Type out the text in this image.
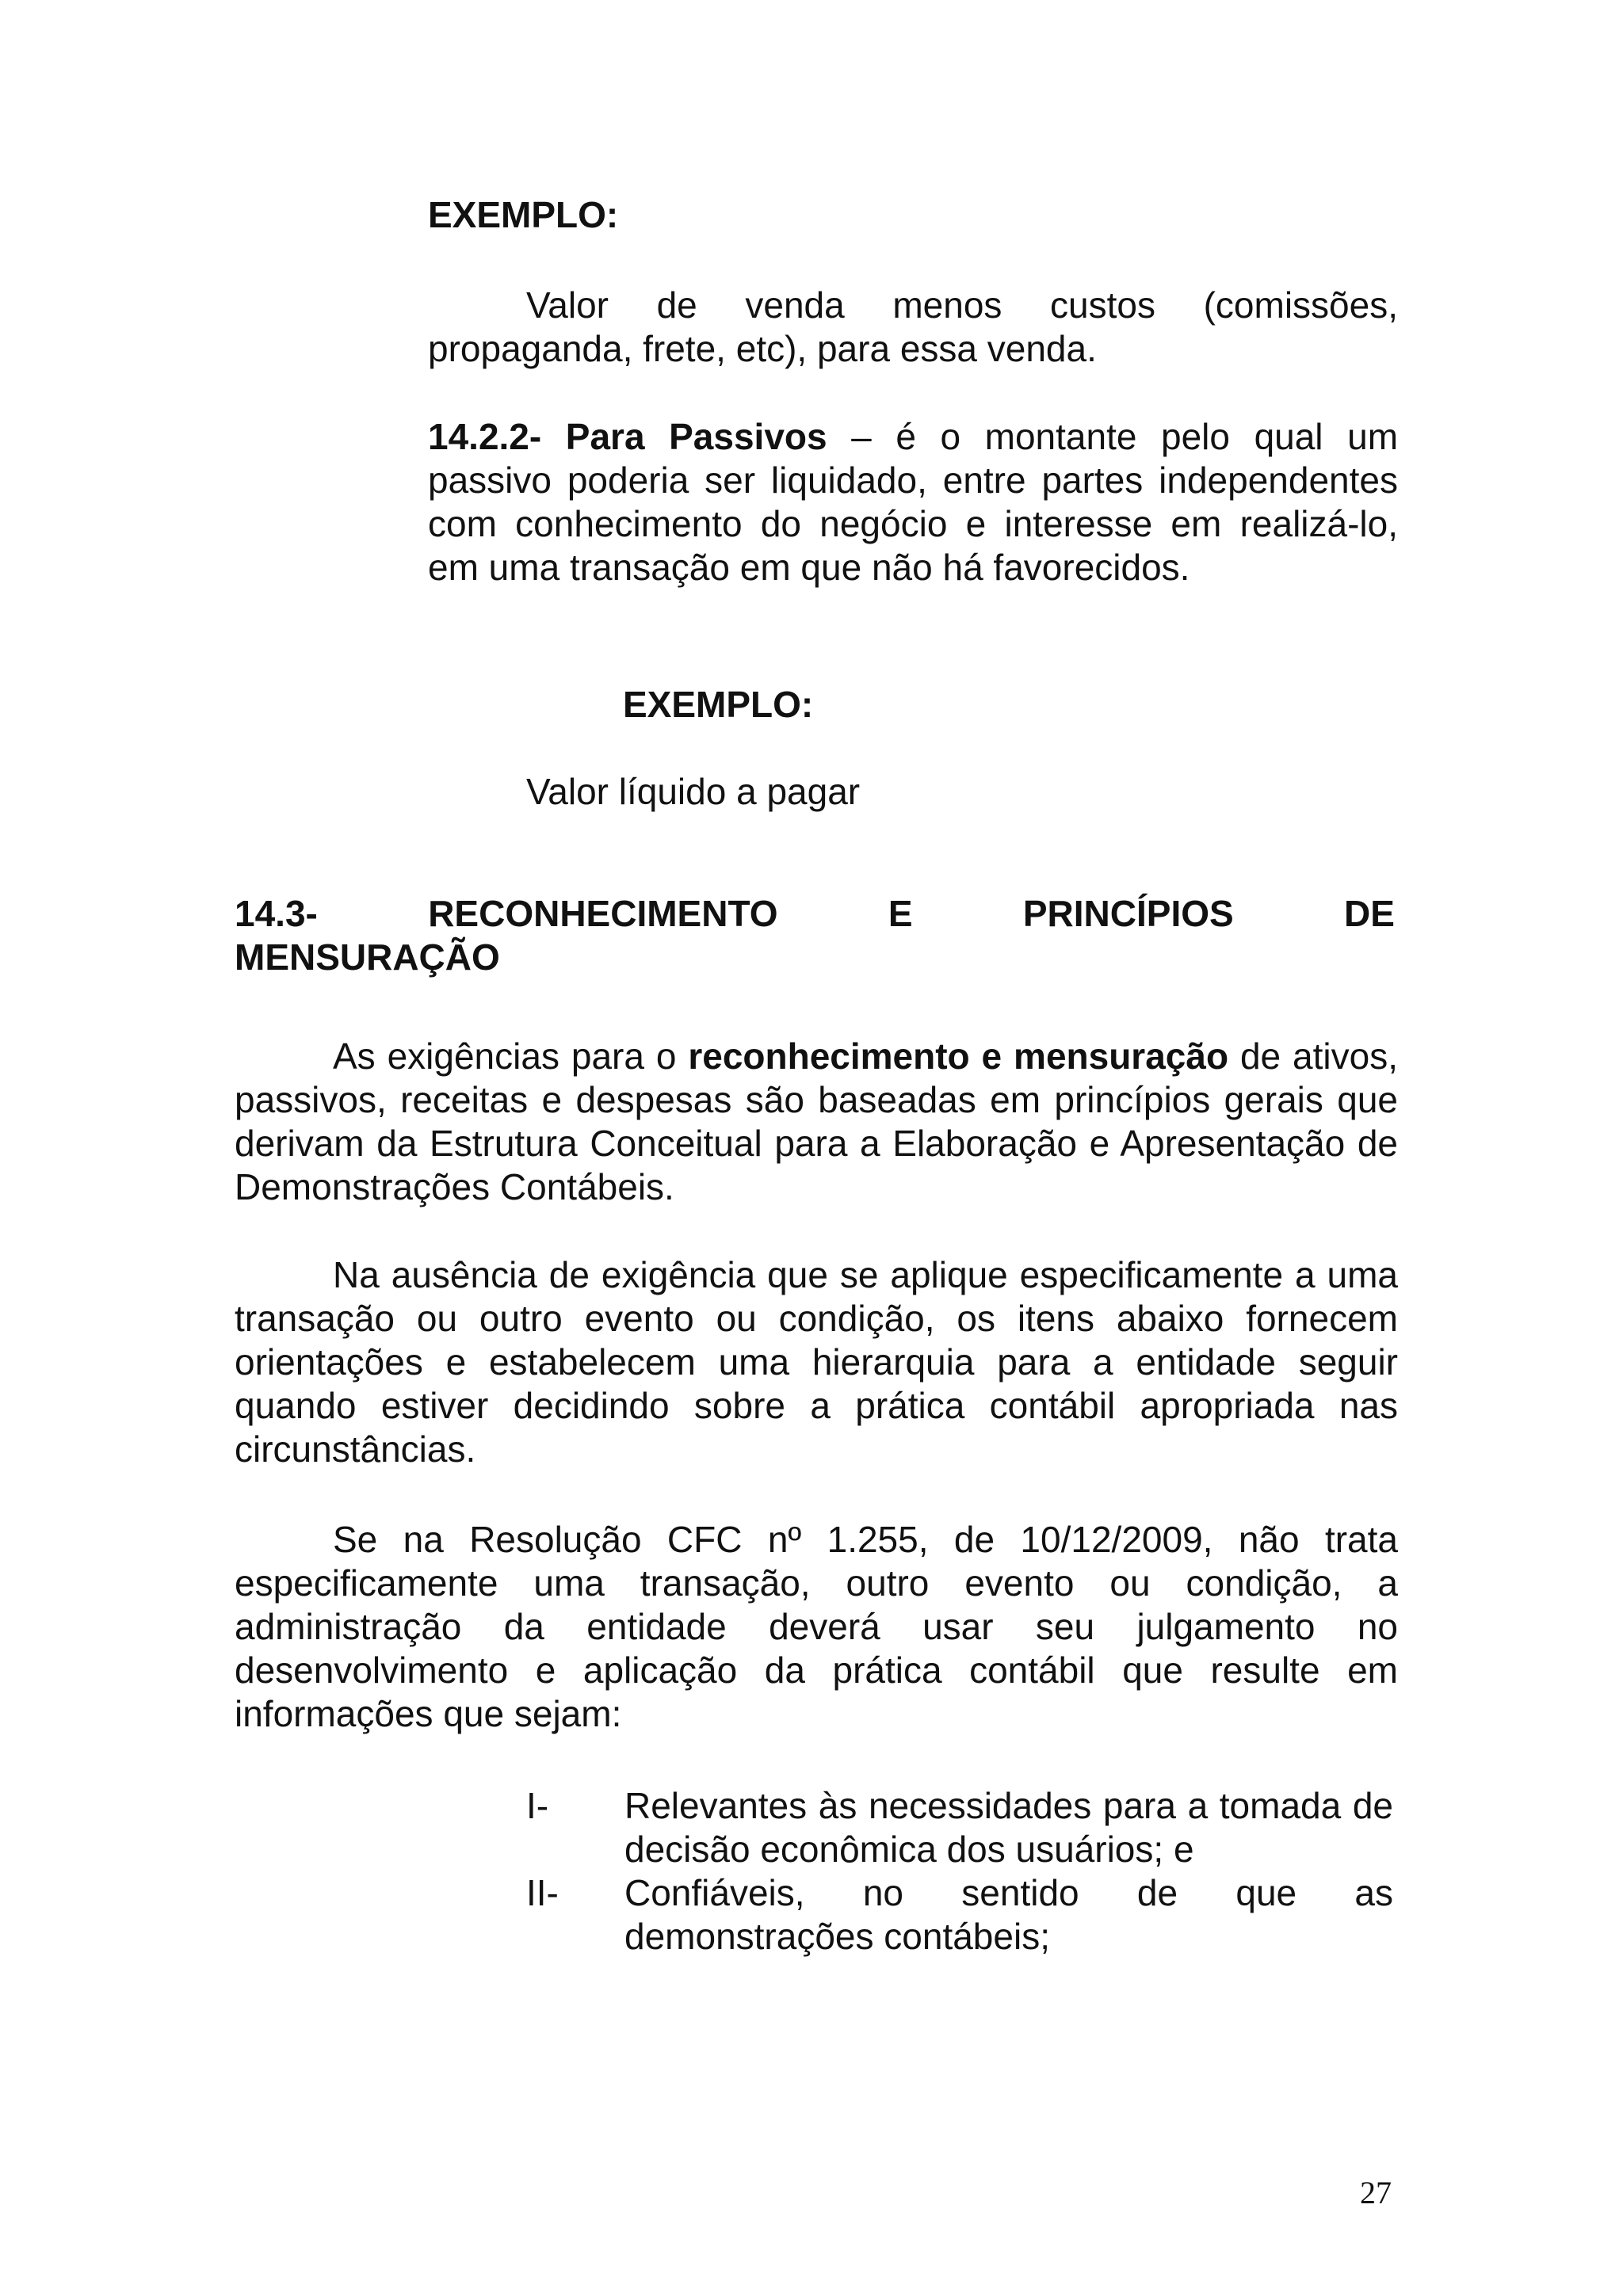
EXEMPLO:

Valor de venda menos custos (comissões, propaganda, frete, etc), para essa venda.

14.2.2- Para Passivos – é o montante pelo qual um passivo poderia ser liquidado, entre partes independentes com conhecimento do negócio e interesse em realizá-lo, em uma transação em que não há favorecidos.

EXEMPLO:
Valor líquido a pagar
14.3-	RECONHECIMENTO	E	PRINCÍPIOS	DE
MENSURAÇÃO

As exigências para o reconhecimento e mensuração de ativos, passivos, receitas e despesas são baseadas em princípios gerais que derivam da Estrutura Conceitual para a Elaboração e Apresentação de Demonstrações Contábeis.

Na ausência de exigência que se aplique especificamente a uma transação ou outro evento ou condição, os itens abaixo fornecem orientações e estabelecem uma hierarquia para a entidade seguir quando estiver decidindo sobre a prática contábil apropriada nas circunstâncias.

Se na Resolução CFC nº 1.255, de 10/12/2009, não trata especificamente uma transação, outro evento ou condição, a administração da entidade deverá usar seu julgamento no desenvolvimento e aplicação da prática contábil que resulte em informações que sejam:

I- Relevantes às necessidades para a tomada de decisão econômica dos usuários; e
II- Confiáveis, no sentido de que as demonstrações contábeis;
27
